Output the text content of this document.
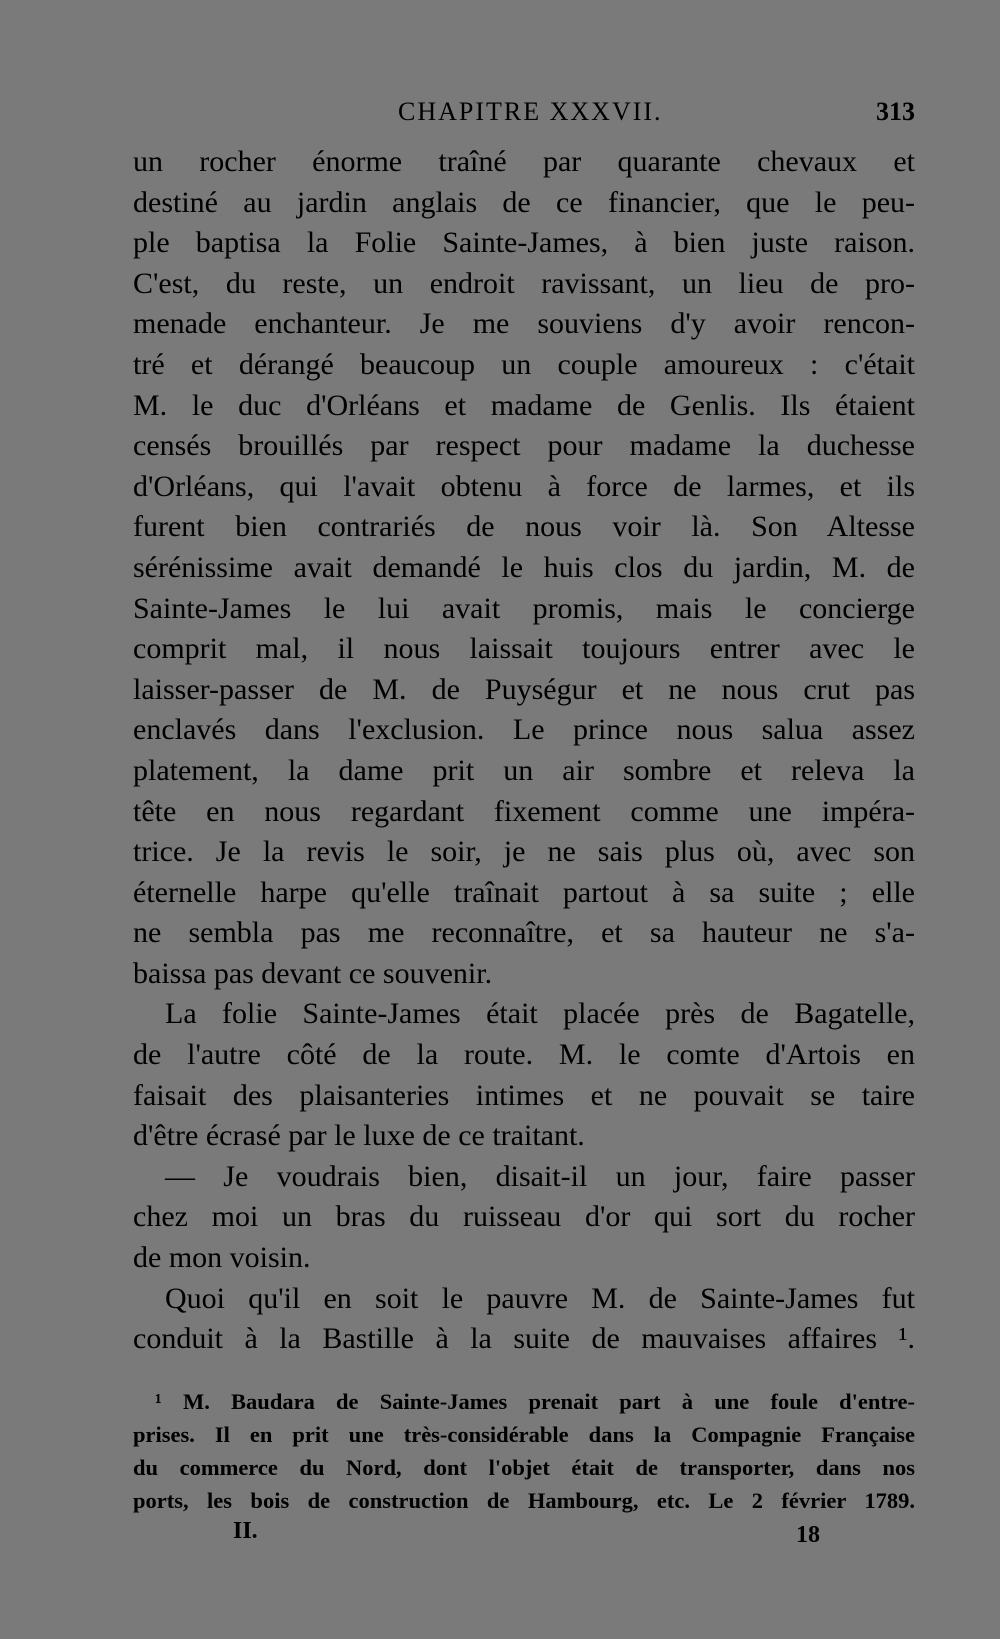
CHAPITRE XXXVII.	313
un rocher énorme traîné par quarante chevaux et
destiné au jardin anglais de ce financier, que le peu-
ple baptisa la Folie Sainte-James, à bien juste raison.
C'est, du reste, un endroit ravissant, un lieu de pro-
menade enchanteur. Je me souviens d'y avoir rencon-
tré et dérangé beaucoup un couple amoureux : c'était
M. le duc d'Orléans et madame de Genlis. Ils étaient
censés brouillés par respect pour madame la duchesse
d'Orléans, qui l'avait obtenu à force de larmes, et ils
furent bien contrariés de nous voir là. Son Altesse
sérénissime avait demandé le huis clos du jardin, M. de
Sainte-James le lui avait promis, mais le concierge
comprit mal, il nous laissait toujours entrer avec le
laisser-passer de M. de Puységur et ne nous crut pas
enclavés dans l'exclusion. Le prince nous salua assez
platement, la dame prit un air sombre et releva la
tête en nous regardant fixement comme une impéra-
trice. Je la revis le soir, je ne sais plus où, avec son
éternelle harpe qu'elle traînait partout à sa suite ; elle
ne sembla pas me reconnaître, et sa hauteur ne s'a-
baissa pas devant ce souvenir.
La folie Sainte-James était placée près de Bagatelle,
de l'autre côté de la route. M. le comte d'Artois en
faisait des plaisanteries intimes et ne pouvait se taire
d'être écrasé par le luxe de ce traitant.
— Je voudrais bien, disait-il un jour, faire passer
chez moi un bras du ruisseau d'or qui sort du rocher
de mon voisin.
Quoi qu'il en soit le pauvre M. de Sainte-James fut
conduit à la Bastille à la suite de mauvaises affaires ¹.
¹ M. Baudara de Sainte-James prenait part à une foule d'entre-
prises. Il en prit une très-considérable dans la Compagnie Française
du commerce du Nord, dont l'objet était de transporter, dans nos
ports, les bois de construction de Hambourg, etc. Le 2 février 1789.
II.	18
